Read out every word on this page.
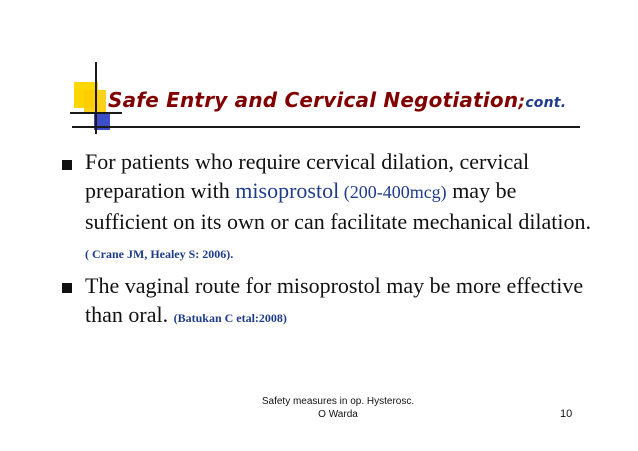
Safe Entry and Cervical Negotiation;cont.
For patients who require cervical dilation, cervical preparation with misoprostol (200-400mcg) may be sufficient on its own or can facilitate mechanical dilation. ( Crane JM, Healey S: 2006).
The vaginal route for misoprostol may be more effective than oral. (Batukan C etal:2008)
Safety measures in op. Hysterosc.
O Warda	10
